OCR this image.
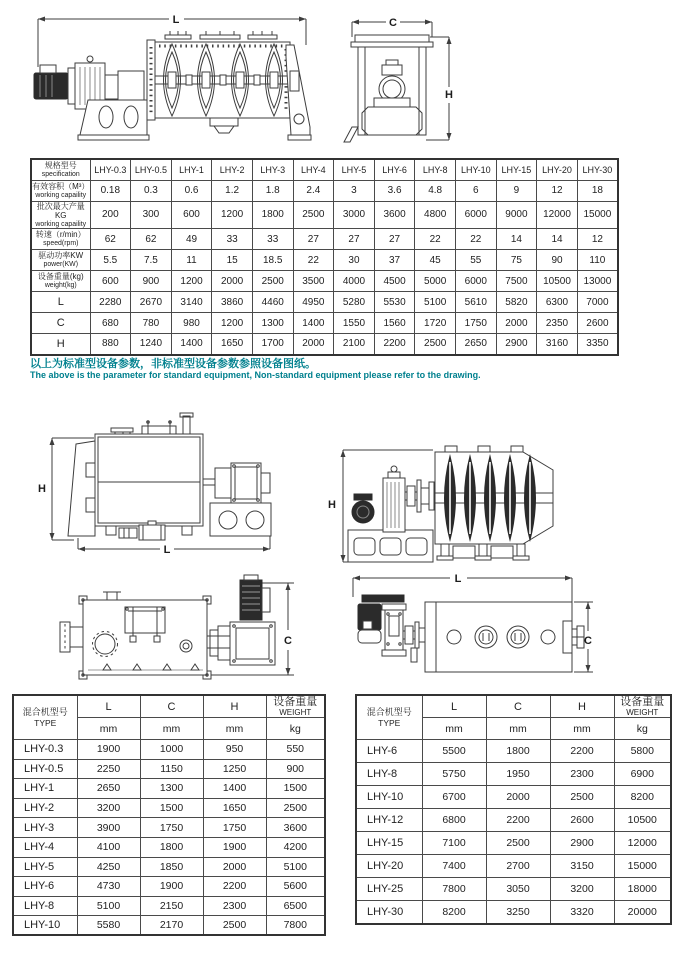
L	C
H
规格型号
specification	LHY-0.3	LHY-0.5	LHY-1	LHY-2	LHY-3	LHY-4	LHY-5	LHY-6	LHY-8	LHY-10	LHY-15	LHY-20	LHY-30

有效容积（M³）
working capaility	0.18	0.3	0.6	1.2	1.8	2.4	3	3.6	4.8	6	9	12	18

批次最大产量KG
working capaility	200	300	600	1200	1800	2500	3000	3600	4800	6000	9000	12000	15000

转速（r/min）
speed(rpm)	62	62	49	33	33	27	27	27	22	22	14	14	12

驱动功率KW
power(KW)	5.5	7.5	11	15	18.5	22	30	37	45	55	75	90	110

设备重量(kg)
weight(kg)	600	900	1200	2000	2500	3500	4000	4500	5000	6000	7500	10500	13000
L	2280	2670	3140	3860	4460	4950	5280	5530	5100	5610	5820	6300	7000
C	680	780	980	1200	1300	1400	1550	1560	1720	1750	2000	2350	2600
H	880	1240	1400	1650	1700	2000	2100	2200	2500	2650	2900	3160	3350
以上为标准型设备参数，非标准型设备参数参照设备图纸。
The above is the parameter for standard equipment, Non-standard equipment please refer to the drawing.
H
L
H
C
L
C
混合机型号
TYPE

L	C	H	设备重量
WEIGHT

	mm	mm	mm	kg
LHY-0.3	1900	1000	950	550
LHY-0.5	2250	1150	1250	900
LHY-1	2650	1300	1400	1500
LHY-2	3200	1500	1650	2500
LHY-3	3900	1750	1750	3600
LHY-4	4100	1800	1900	4200
LHY-5	4250	1850	2000	5100
LHY-6	4730	1900	2200	5600
LHY-8	5100	2150	2300	6500
LHY-10	5580	2170	2500	7800
混合机型号
TYPE

L	C	H	设备重量
WEIGHT

	mm	mm	mm	kg
LHY-6	5500	1800	2200	5800
LHY-8	5750	1950	2300	6900
LHY-10	6700	2000	2500	8200
LHY-12	6800	2200	2600	10500
LHY-15	7100	2500	2900	12000
LHY-20	7400	2700	3150	15000
LHY-25	7800	3050	3200	18000
LHY-30	8200	3250	3320	20000
